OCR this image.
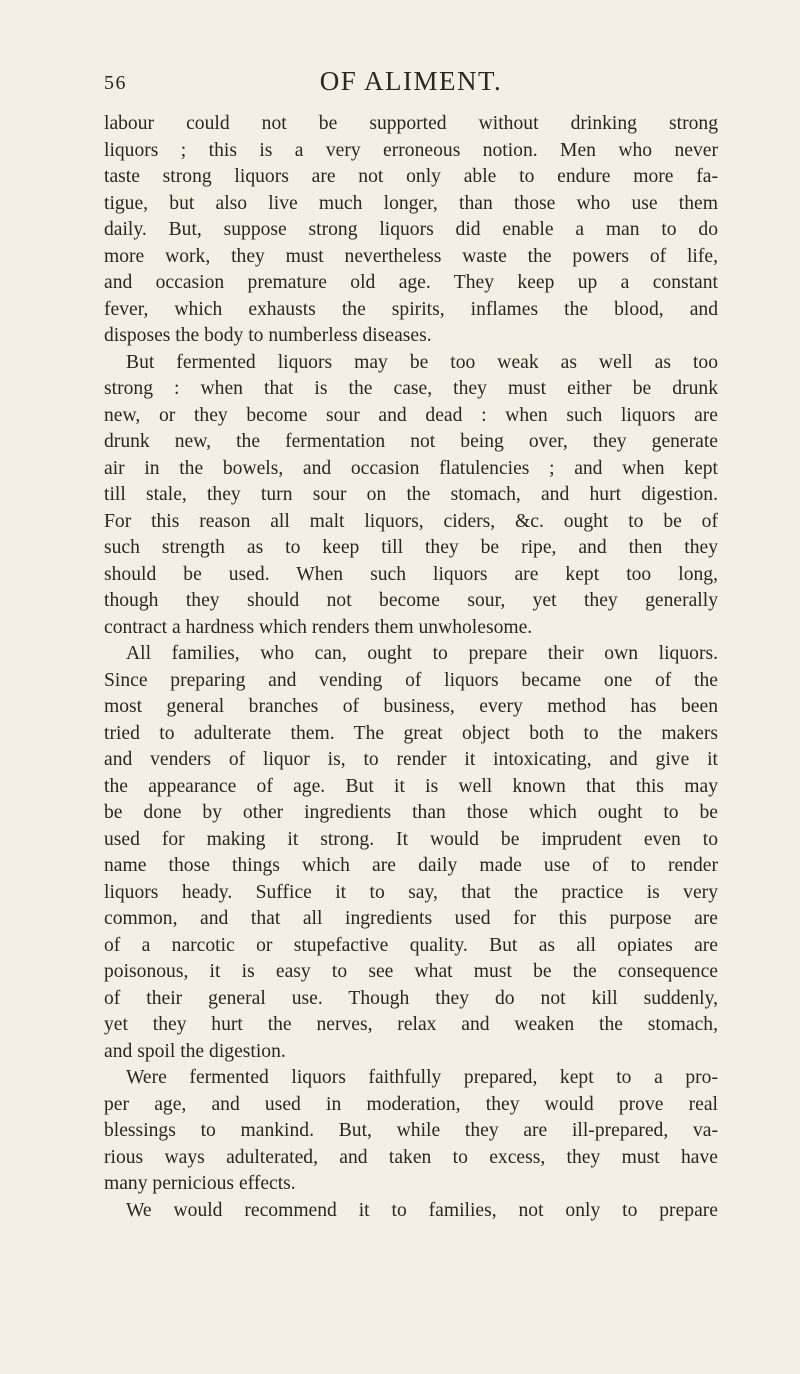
56	OF ALIMENT.
labour could not be supported without drinking strong
liquors ; this is a very erroneous notion. Men who never
taste strong liquors are not only able to endure more fa-
tigue, but also live much longer, than those who use them
daily. But, suppose strong liquors did enable a man to do
more work, they must nevertheless waste the powers of life,
and occasion premature old age. They keep up a constant
fever, which exhausts the spirits, inflames the blood, and
disposes the body to numberless diseases.
But fermented liquors may be too weak as well as too
strong : when that is the case, they must either be drunk
new, or they become sour and dead : when such liquors are
drunk new, the fermentation not being over, they generate
air in the bowels, and occasion flatulencies ; and when kept
till stale, they turn sour on the stomach, and hurt digestion.
For this reason all malt liquors, ciders, &c. ought to be of
such strength as to keep till they be ripe, and then they
should be used. When such liquors are kept too long,
though they should not become sour, yet they generally
contract a hardness which renders them unwholesome.
All families, who can, ought to prepare their own liquors.
Since preparing and vending of liquors became one of the
most general branches of business, every method has been
tried to adulterate them. The great object both to the makers
and venders of liquor is, to render it intoxicating, and give it
the appearance of age. But it is well known that this may
be done by other ingredients than those which ought to be
used for making it strong. It would be imprudent even to
name those things which are daily made use of to render
liquors heady. Suffice it to say, that the practice is very
common, and that all ingredients used for this purpose are
of a narcotic or stupefactive quality. But as all opiates are
poisonous, it is easy to see what must be the consequence
of their general use. Though they do not kill suddenly,
yet they hurt the nerves, relax and weaken the stomach,
and spoil the digestion.
Were fermented liquors faithfully prepared, kept to a pro-
per age, and used in moderation, they would prove real
blessings to mankind. But, while they are ill-prepared, va-
rious ways adulterated, and taken to excess, they must have
many pernicious effects.
We would recommend it to families, not only to prepare
